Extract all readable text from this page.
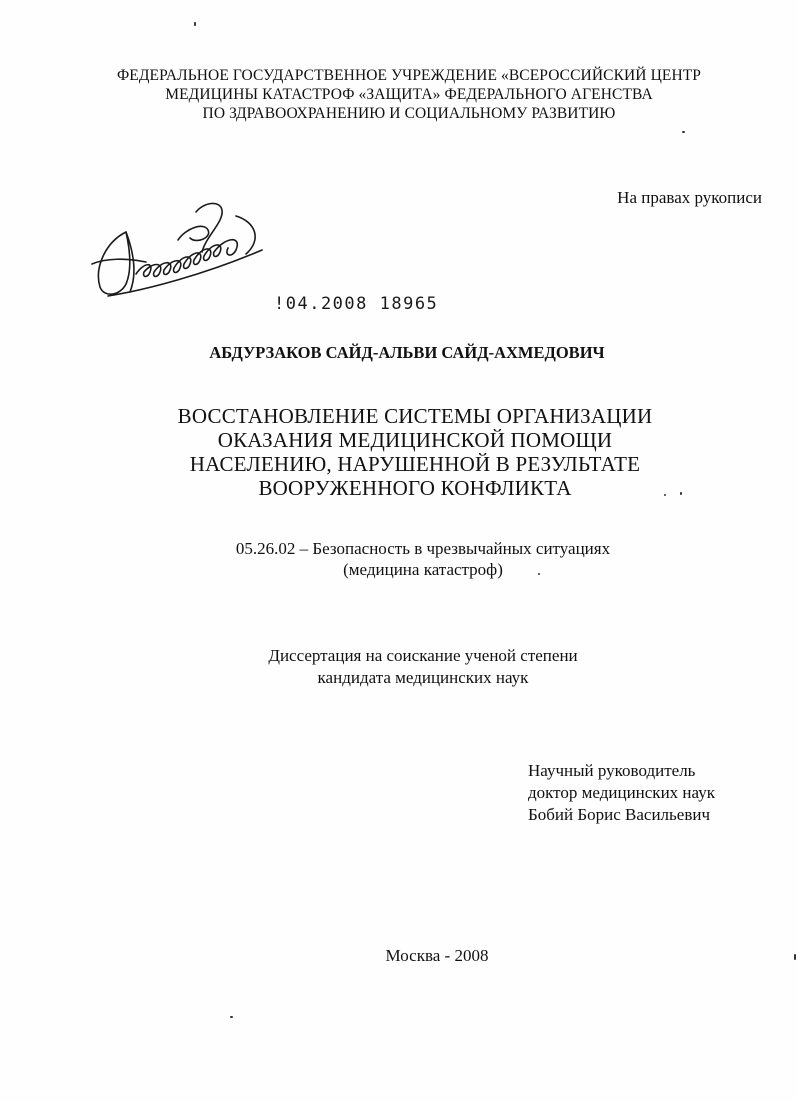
ФЕДЕРАЛЬНОЕ ГОСУДАРСТВЕННОЕ УЧРЕЖДЕНИЕ «ВСЕРОССИЙСКИЙ ЦЕНТР
МЕДИЦИНЫ КАТАСТРОФ «ЗАЩИТА» ФЕДЕРАЛЬНОГО АГЕНСТВА
ПО ЗДРАВООХРАНЕНИЮ И СОЦИАЛЬНОМУ РАЗВИТИЮ
На правах рукописи
!04.2008 18965
АБДУРЗАКОВ САЙД-АЛЬВИ САЙД-АХМЕДОВИЧ
ВОССТАНОВЛЕНИЕ СИСТЕМЫ ОРГАНИЗАЦИИ
ОКАЗАНИЯ МЕДИЦИНСКОЙ ПОМОЩИ
НАСЕЛЕНИЮ, НАРУШЕННОЙ В РЕЗУЛЬТАТЕ
ВООРУЖЕННОГО КОНФЛИКТА
05.26.02 – Безопасность в чрезвычайных ситуациях
(медицина катастроф)
Диссертация на соискание ученой степени
кандидата медицинских наук
Научный руководитель
доктор медицинских наук
Бобий Борис Васильевич
Москва - 2008
